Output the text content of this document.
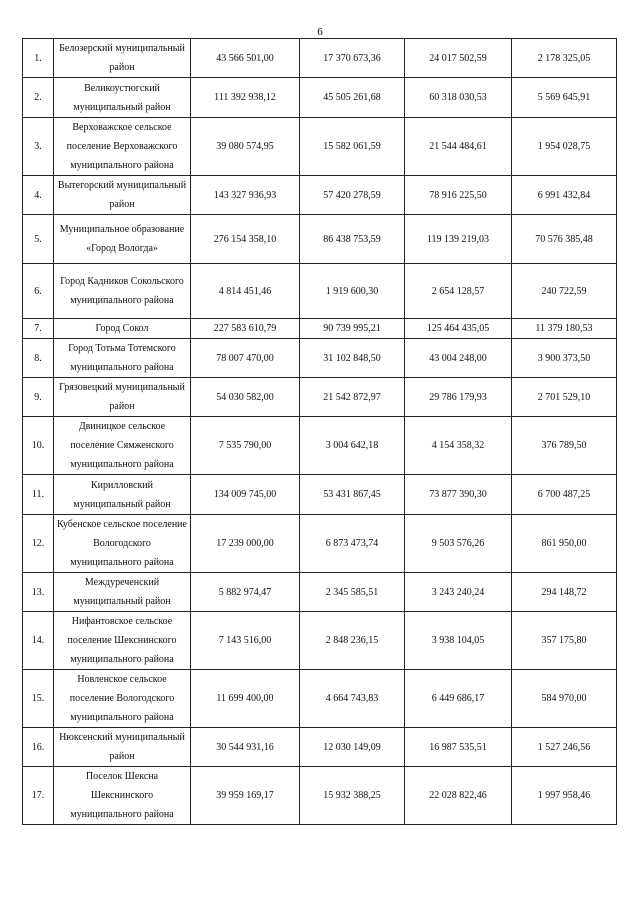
6
1.	Белозерский муниципальный район	43 566 501,00	17 370 673,36	24 017 502,59	2 178 325,05
2.	Великоустюгский муниципальный район	111 392 938,12	45 505 261,68	60 318 030,53	5 569 645,91
3.	Верховажское сельское поселение Верховажского муниципального района	39 080 574,95	15 582 061,59	21 544 484,61	1 954 028,75
4.	Вытегорский муниципальный район	143 327 936,93	57 420 278,59	78 916 225,50	6 991 432,84
5.	Муниципальное образование «Город Вологда»	276 154 358,10	86 438 753,59	119 139 219,03	70 576 385,48
6.	Город Кадников Сокольского муниципального района	4 814 451,46	1 919 600,30	2 654 128,57	240 722,59
7.	Город Сокол	227 583 610,79	90 739 995,21	125 464 435,05	11 379 180,53
8.	Город Тотьма Тотемского муниципального района	78 007 470,00	31 102 848,50	43 004 248,00	3 900 373,50
9.	Грязовецкий муниципальный район	54 030 582,00	21 542 872,97	29 786 179,93	2 701 529,10
10.	Двиницкое сельское поселение Сямженского муниципального района	7 535 790,00	3 004 642,18	4 154 358,32	376 789,50
11.	Кирилловский муниципальный район	134 009 745,00	53 431 867,45	73 877 390,30	6 700 487,25
12.	Кубенское сельское поселение Вологодского муниципального района	17 239 000,00	6 873 473,74	9 503 576,26	861 950,00
13.	Междуреченский муниципальный район	5 882 974,47	2 345 585,51	3 243 240,24	294 148,72
14.	Нифантовское сельское поселение Шекснинского муниципального района	7 143 516,00	2 848 236,15	3 938 104,05	357 175,80
15.	Новленское сельское поселение Вологодского муниципального района	11 699 400,00	4 664 743,83	6 449 686,17	584 970,00
16.	Нюксенский муниципальный район	30 544 931,16	12 030 149,09	16 987 535,51	1 527 246,56
17.	Поселок Шексна Шекснинского муниципального района	39 959 169,17	15 932 388,25	22 028 822,46	1 997 958,46
